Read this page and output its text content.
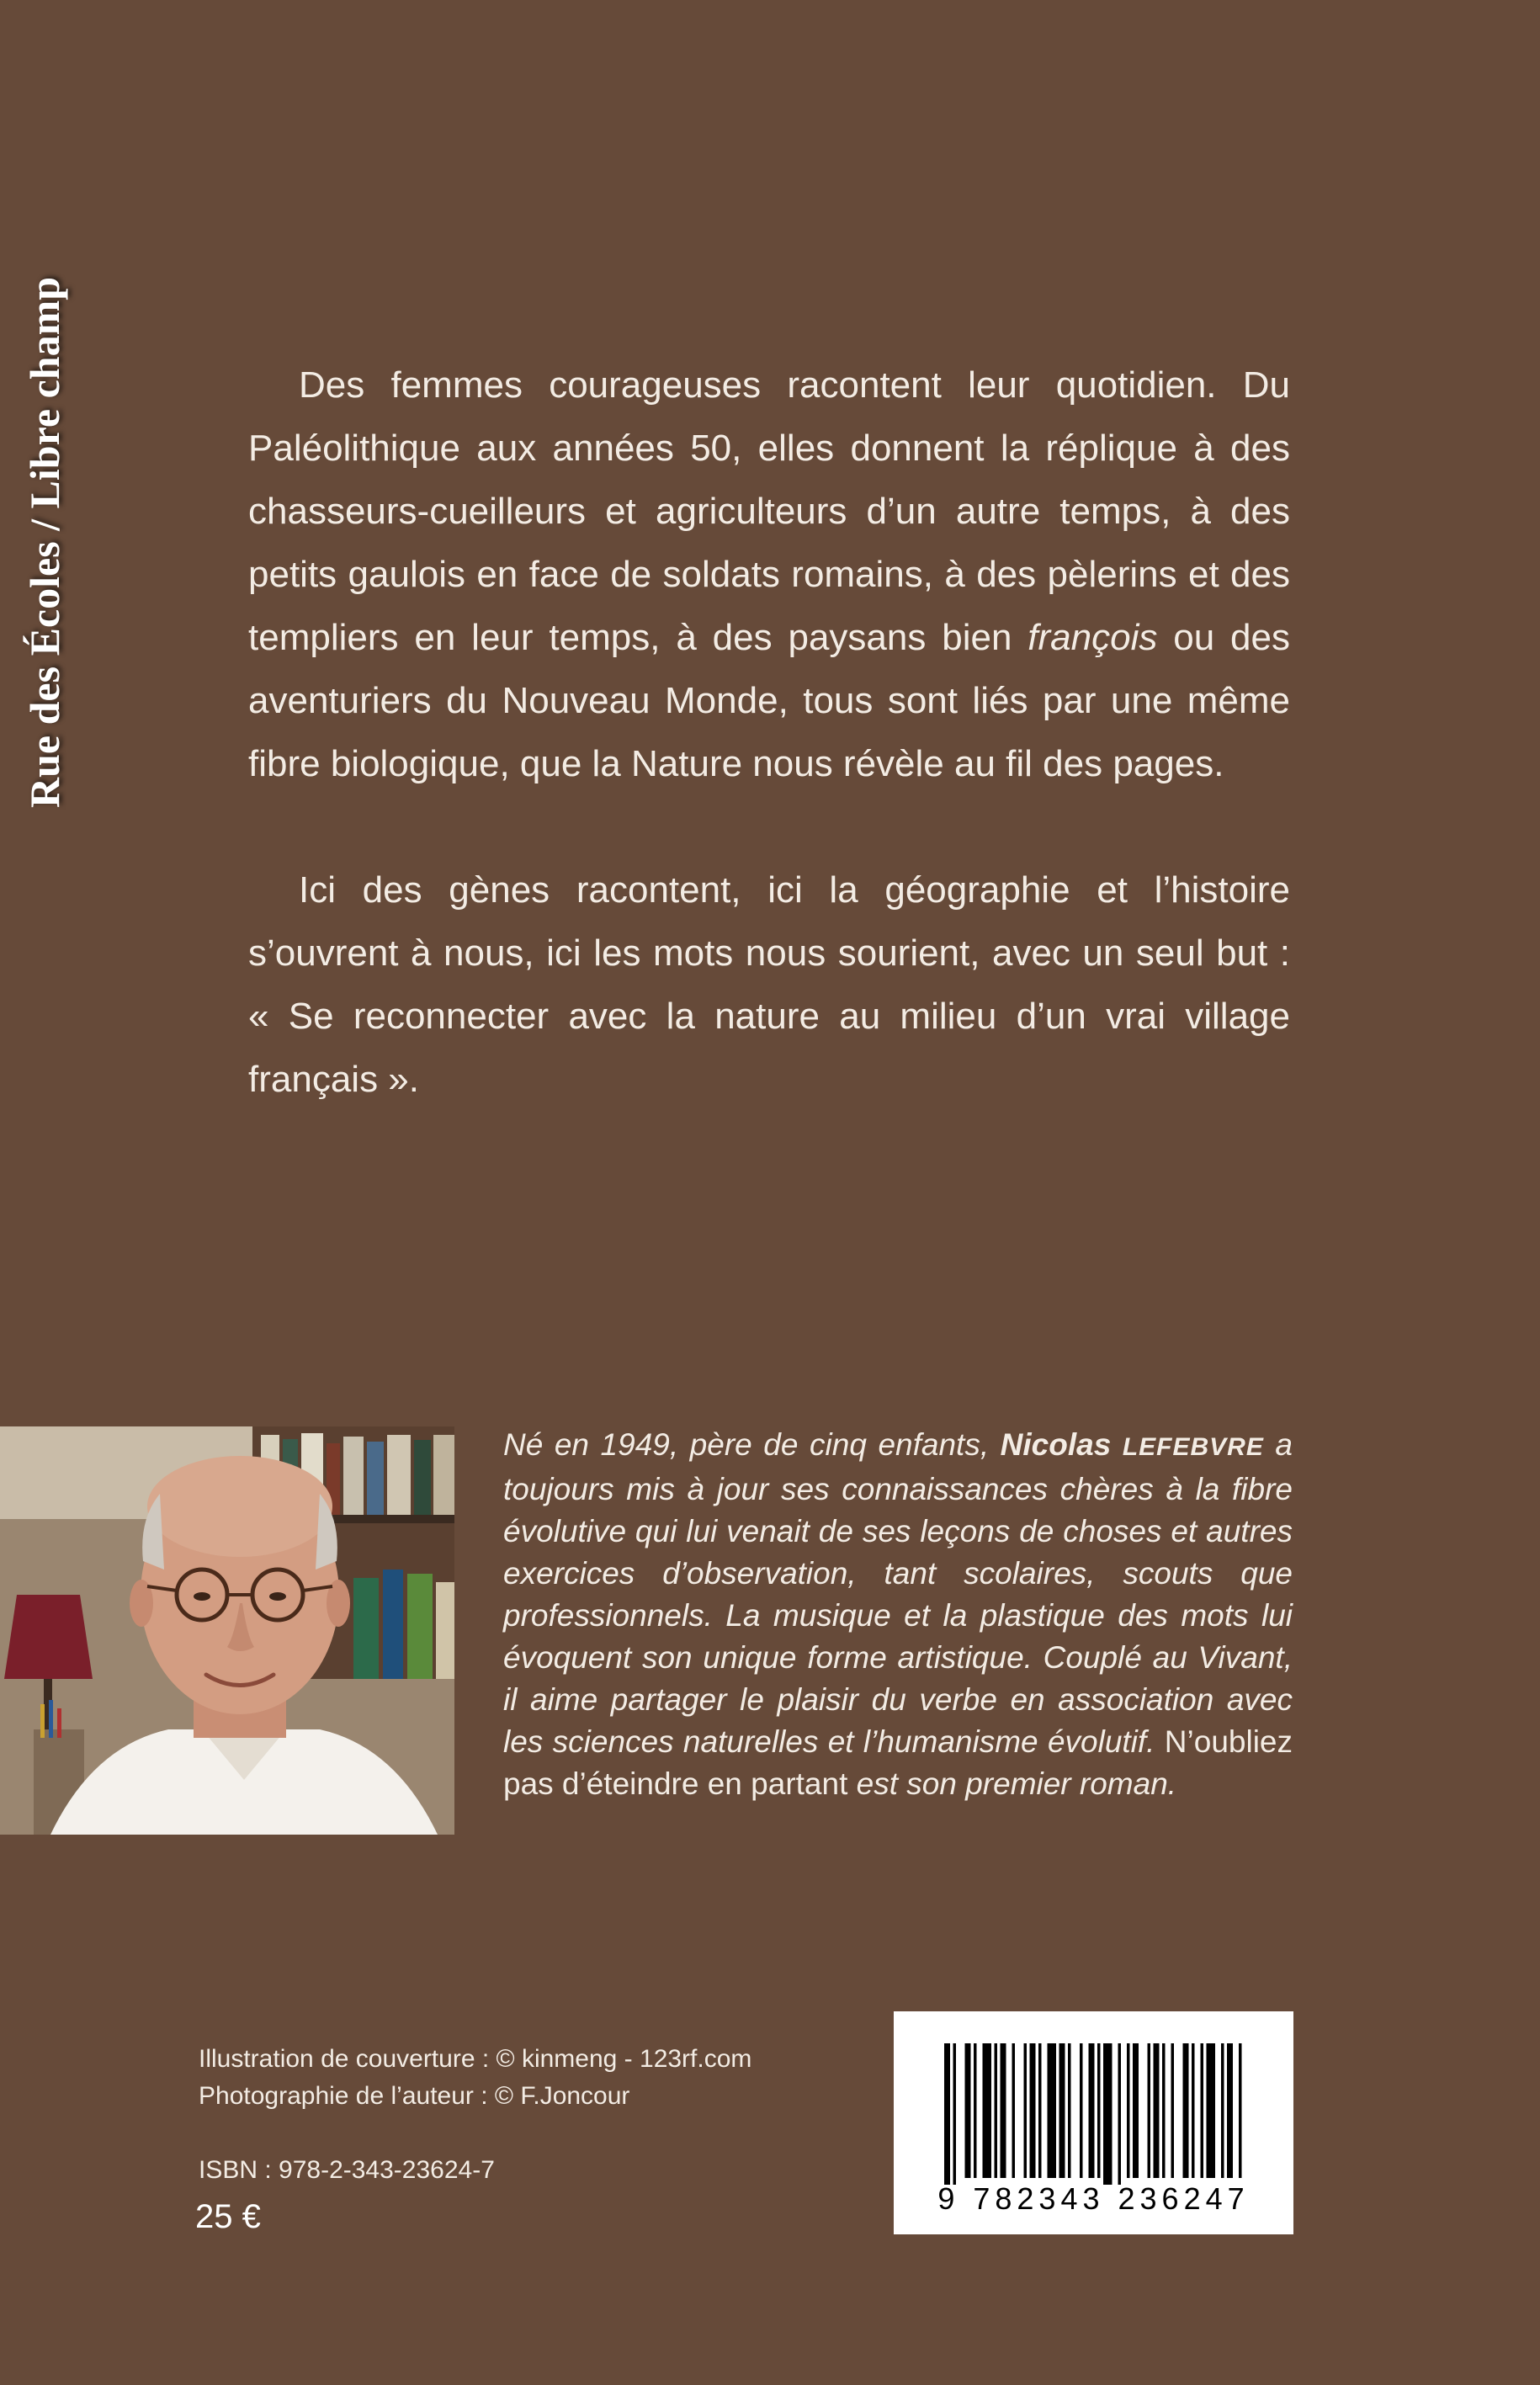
Rue des Écoles / Libre champ	Des femmes courageuses racontent leur quotidien. Du Paléolithique aux années 50, elles donnent la réplique à des chasseurs-cueilleurs et agriculteurs d’un autre temps, à des petits gaulois en face de soldats romains, à des pèlerins et des templiers en leur temps, à des paysans bien françois ou des aventuriers du Nouveau Monde, tous sont liés par une même fibre biologique, que la Nature nous révèle au fil des pages.

Ici des gènes racontent, ici la géographie et l’histoire s’ouvrent à nous, ici les mots nous sourient, avec un seul but : « Se reconnecter avec la nature au milieu d’un vrai village français ».

Né en 1949, père de cinq enfants, Nicolas LEFEBVRE a toujours mis à jour ses connaissances chères à la fibre évolutive qui lui venait de ses leçons de choses et autres exercices d’observation, tant scolaires, scouts que professionnels. La musique et la plastique des mots lui évoquent son unique forme artistique. Couplé au Vivant, il aime partager le plaisir du verbe en association avec les sciences naturelles et l’humanisme évolutif. N’oubliez pas d’éteindre en partant est son premier roman.
Illustration de couverture : © kinmeng - 123rf.com
Photographie de l’auteur : © F.Joncour
ISBN : 978-2-343-23624-7
25 €	9 782343 236247
